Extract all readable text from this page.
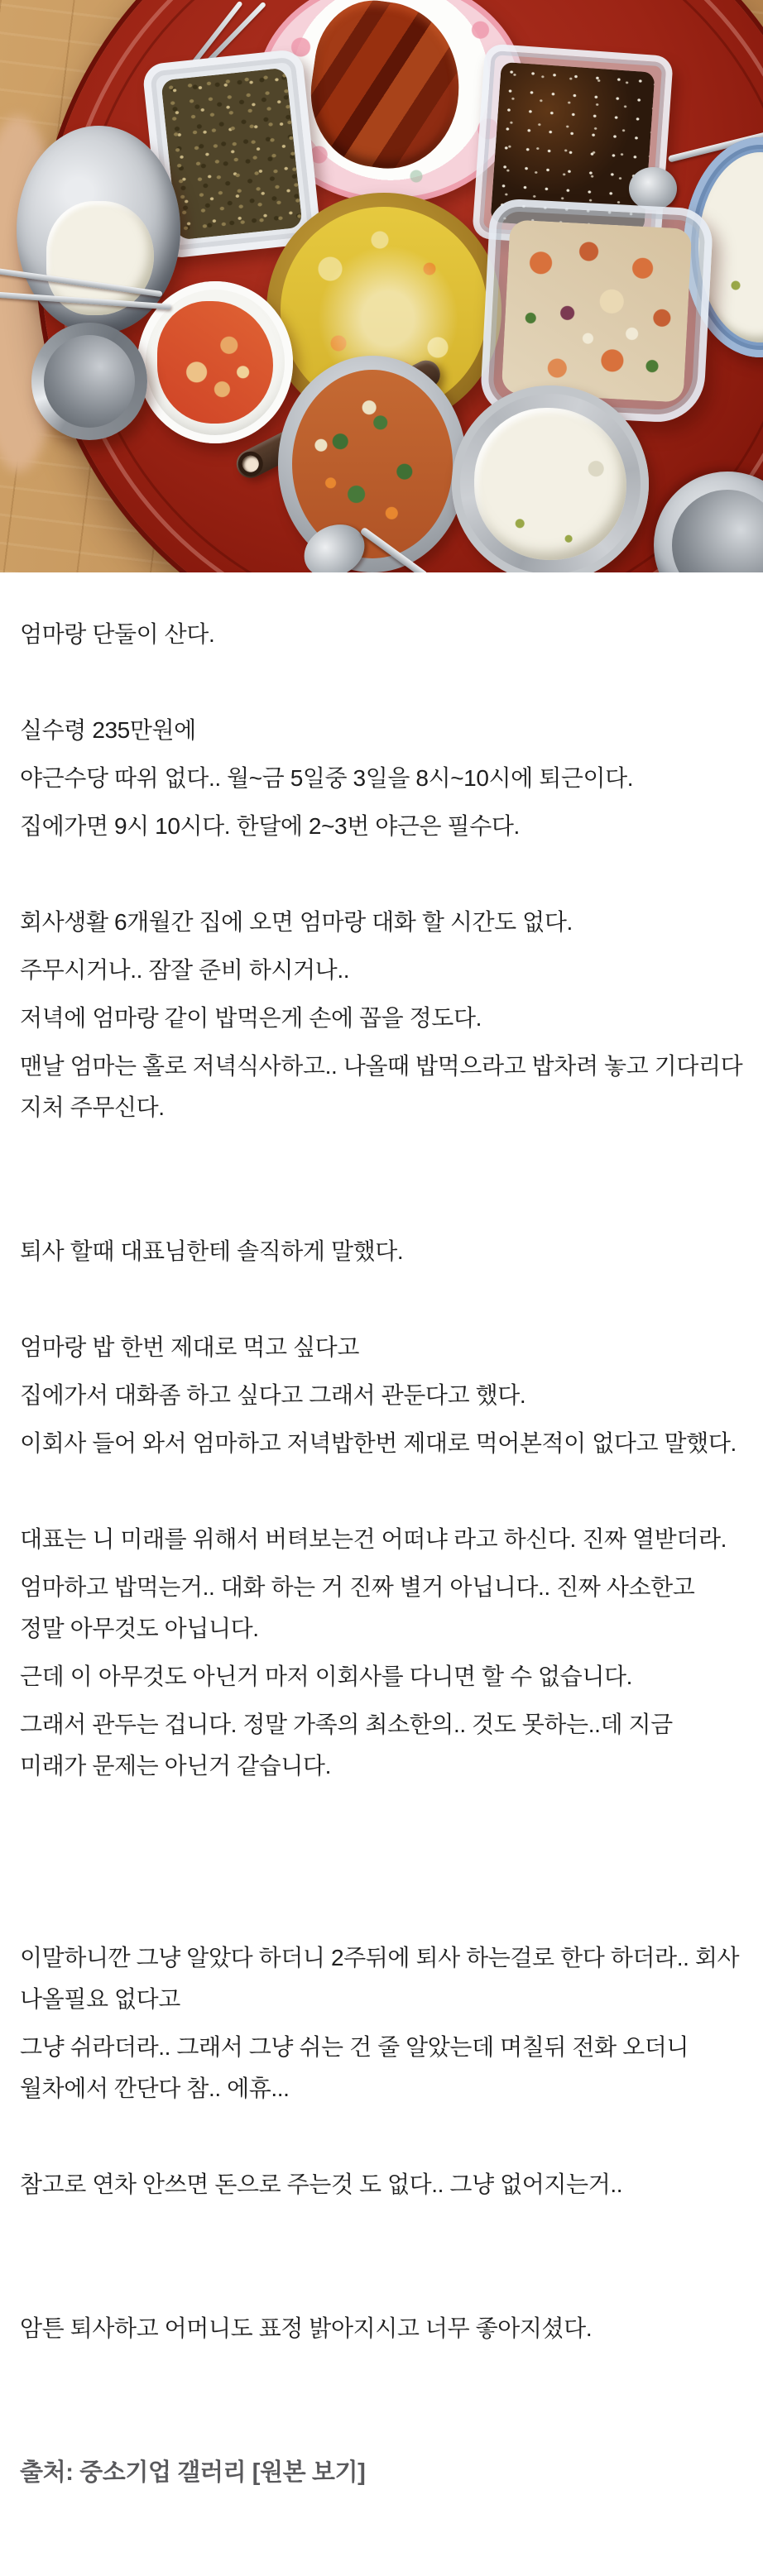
엄마랑 단둘이 산다.

실수령 235만원에

야근수당 따위 없다.. 월~금 5일중 3일을 8시~10시에 퇴근이다.

집에가면 9시 10시다. 한달에 2~3번 야근은 필수다.

회사생활 6개월간 집에 오면 엄마랑 대화 할 시간도 없다.

주무시거나.. 잠잘 준비 하시거나..

저녁에 엄마랑 같이 밥먹은게 손에 꼽을 정도다.

맨날 엄마는 홀로 저녁식사하고.. 나올때 밥먹으라고 밥차려 놓고 기다리다 지처 주무신다.

퇴사 할때 대표님한테 솔직하게 말했다.

엄마랑 밥 한번 제대로 먹고 싶다고

집에가서 대화좀 하고 싶다고 그래서 관둔다고 했다.

이회사 들어 와서 엄마하고 저녁밥한번 제대로 먹어본적이 없다고 말했다.

대표는 니 미래를 위해서 버텨보는건 어떠냐 라고 하신다. 진짜 열받더라.

엄마하고 밥먹는거.. 대화 하는 거 진짜 별거 아닙니다.. 진짜 사소한고 정말 아무것도 아닙니다.

근데 이 아무것도 아닌거 마저 이회사를 다니면 할 수 없습니다.

그래서 관두는 겁니다. 정말 가족의 최소한의.. 것도 못하는..데 지금 미래가 문제는 아닌거 같습니다.

이말하니깐 그냥 알았다 하더니 2주뒤에 퇴사 하는걸로 한다 하더라.. 회사 나올필요 없다고

그냥 쉬라더라.. 그래서 그냥 쉬는 건 줄 알았는데 며칠뒤 전화 오더니 월차에서 깐단다 참.. 에휴...

참고로 연차 안쓰면 돈으로 주는것 도 없다.. 그냥 없어지는거..

암튼 퇴사하고 어머니도 표정 밝아지시고 너무 좋아지셨다.

출처: 중소기업 갤러리 [원본 보기]
